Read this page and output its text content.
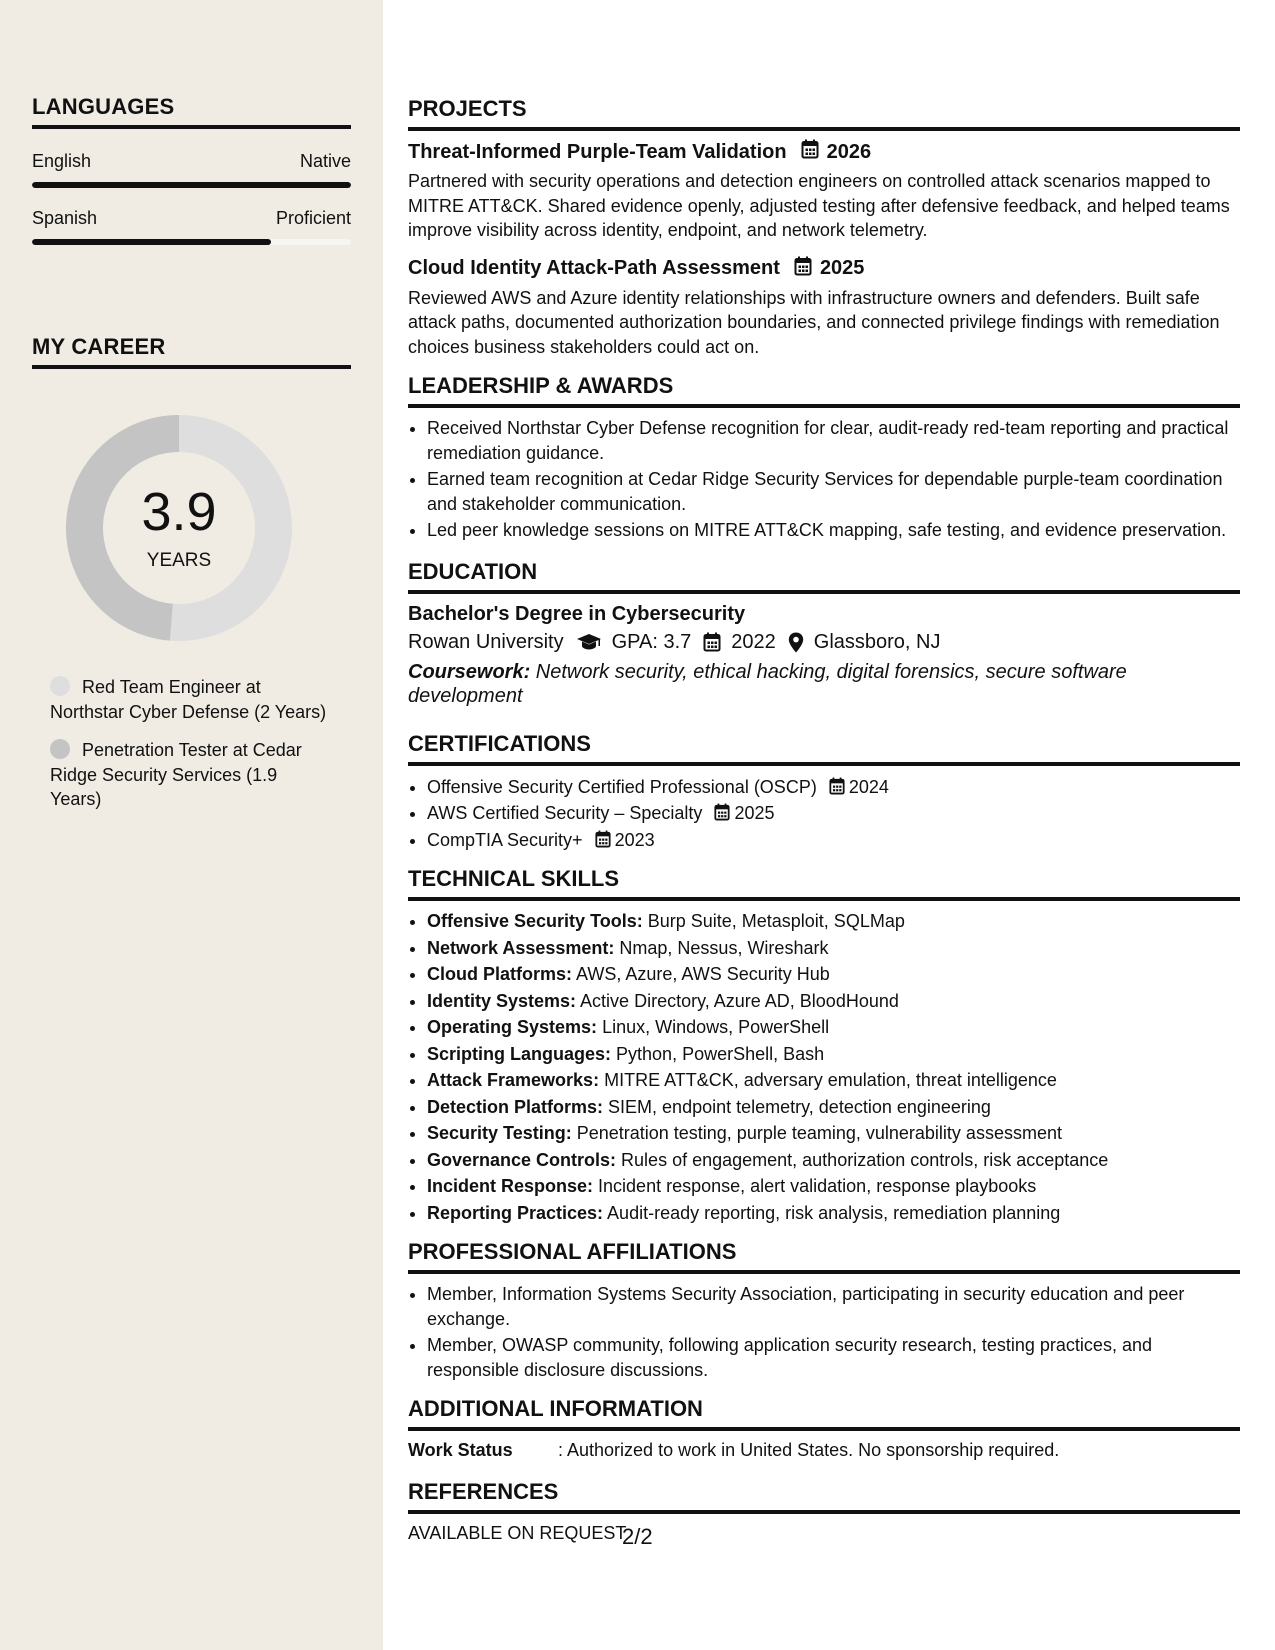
LANGUAGES
English	Native
Spanish	Proficient
MY CAREER
3.9
YEARS
Red Team Engineer at Northstar Cyber Defense (2 Years)
Penetration Tester at Cedar Ridge Security Services (1.9 Years)
PROJECTS
Threat-Informed Purple-Team Validation 2026

Partnered with security operations and detection engineers on controlled attack scenarios mapped to MITRE ATT&CK. Shared evidence openly, adjusted testing after defensive feedback, and helped teams improve visibility across identity, endpoint, and network telemetry.

Cloud Identity Attack-Path Assessment 2025

Reviewed AWS and Azure identity relationships with infrastructure owners and defenders. Built safe attack paths, documented authorization boundaries, and connected privilege findings with remediation choices business stakeholders could act on.

LEADERSHIP & AWARDS
• Received Northstar Cyber Defense recognition for clear, audit-ready red-team reporting and practical remediation guidance.
• Earned team recognition at Cedar Ridge Security Services for dependable purple-team coordination and stakeholder communication.
• Led peer knowledge sessions on MITRE ATT&CK mapping, safe testing, and evidence preservation.
EDUCATION
Bachelor's Degree in Cybersecurity
Rowan University GPA: 3.7 2022 Glassboro, NJ
Coursework: Network security, ethical hacking, digital forensics, secure software development
CERTIFICATIONS
• Offensive Security Certified Professional (OSCP) 2024
• AWS Certified Security – Specialty 2025
• CompTIA Security+ 2023
TECHNICAL SKILLS
• Offensive Security Tools: Burp Suite, Metasploit, SQLMap
• Network Assessment: Nmap, Nessus, Wireshark
• Cloud Platforms: AWS, Azure, AWS Security Hub
• Identity Systems: Active Directory, Azure AD, BloodHound
• Operating Systems: Linux, Windows, PowerShell
• Scripting Languages: Python, PowerShell, Bash
• Attack Frameworks: MITRE ATT&CK, adversary emulation, threat intelligence
• Detection Platforms: SIEM, endpoint telemetry, detection engineering
• Security Testing: Penetration testing, purple teaming, vulnerability assessment
• Governance Controls: Rules of engagement, authorization controls, risk acceptance
• Incident Response: Incident response, alert validation, response playbooks
• Reporting Practices: Audit-ready reporting, risk analysis, remediation planning
PROFESSIONAL AFFILIATIONS
• Member, Information Systems Security Association, participating in security education and peer exchange.
• Member, OWASP community, following application security research, testing practices, and responsible disclosure discussions.
ADDITIONAL INFORMATION
Work Status	: Authorized to work in United States. No sponsorship required.
REFERENCES
AVAILABLE ON REQUEST
2/2
